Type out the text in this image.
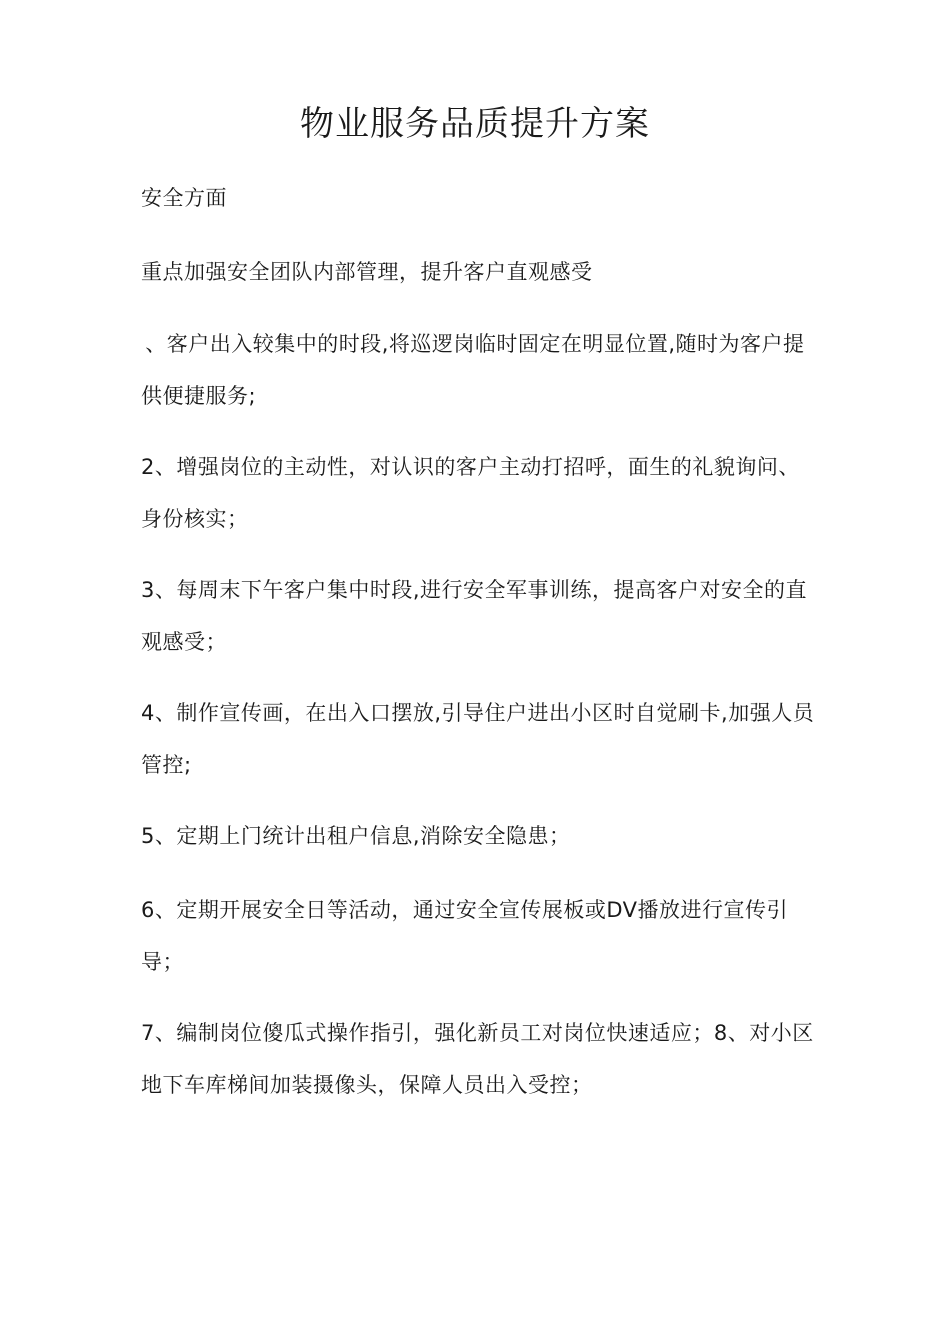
物业服务品质提升方案

安全方面

重点加强安全团队内部管理，提升客户直观感受

 、客户出入较集中的时段,将巡逻岗临时固定在明显位置,随时为客户提供便捷服务;

2、增强岗位的主动性，对认识的客户主动打招呼，面生的礼貌询问、身份核实；

3、每周末下午客户集中时段,进行安全军事训练，提高客户对安全的直观感受；

4、制作宣传画，在出入口摆放,引导住户进出小区时自觉刷卡,加强人员管控;

5、定期上门统计出租户信息,消除安全隐患；

6、定期开展安全日等活动，通过安全宣传展板或DV播放进行宣传引导；

7、编制岗位傻瓜式操作指引，强化新员工对岗位快速适应；8、对小区地下车库梯间加装摄像头，保障人员出入受控；
